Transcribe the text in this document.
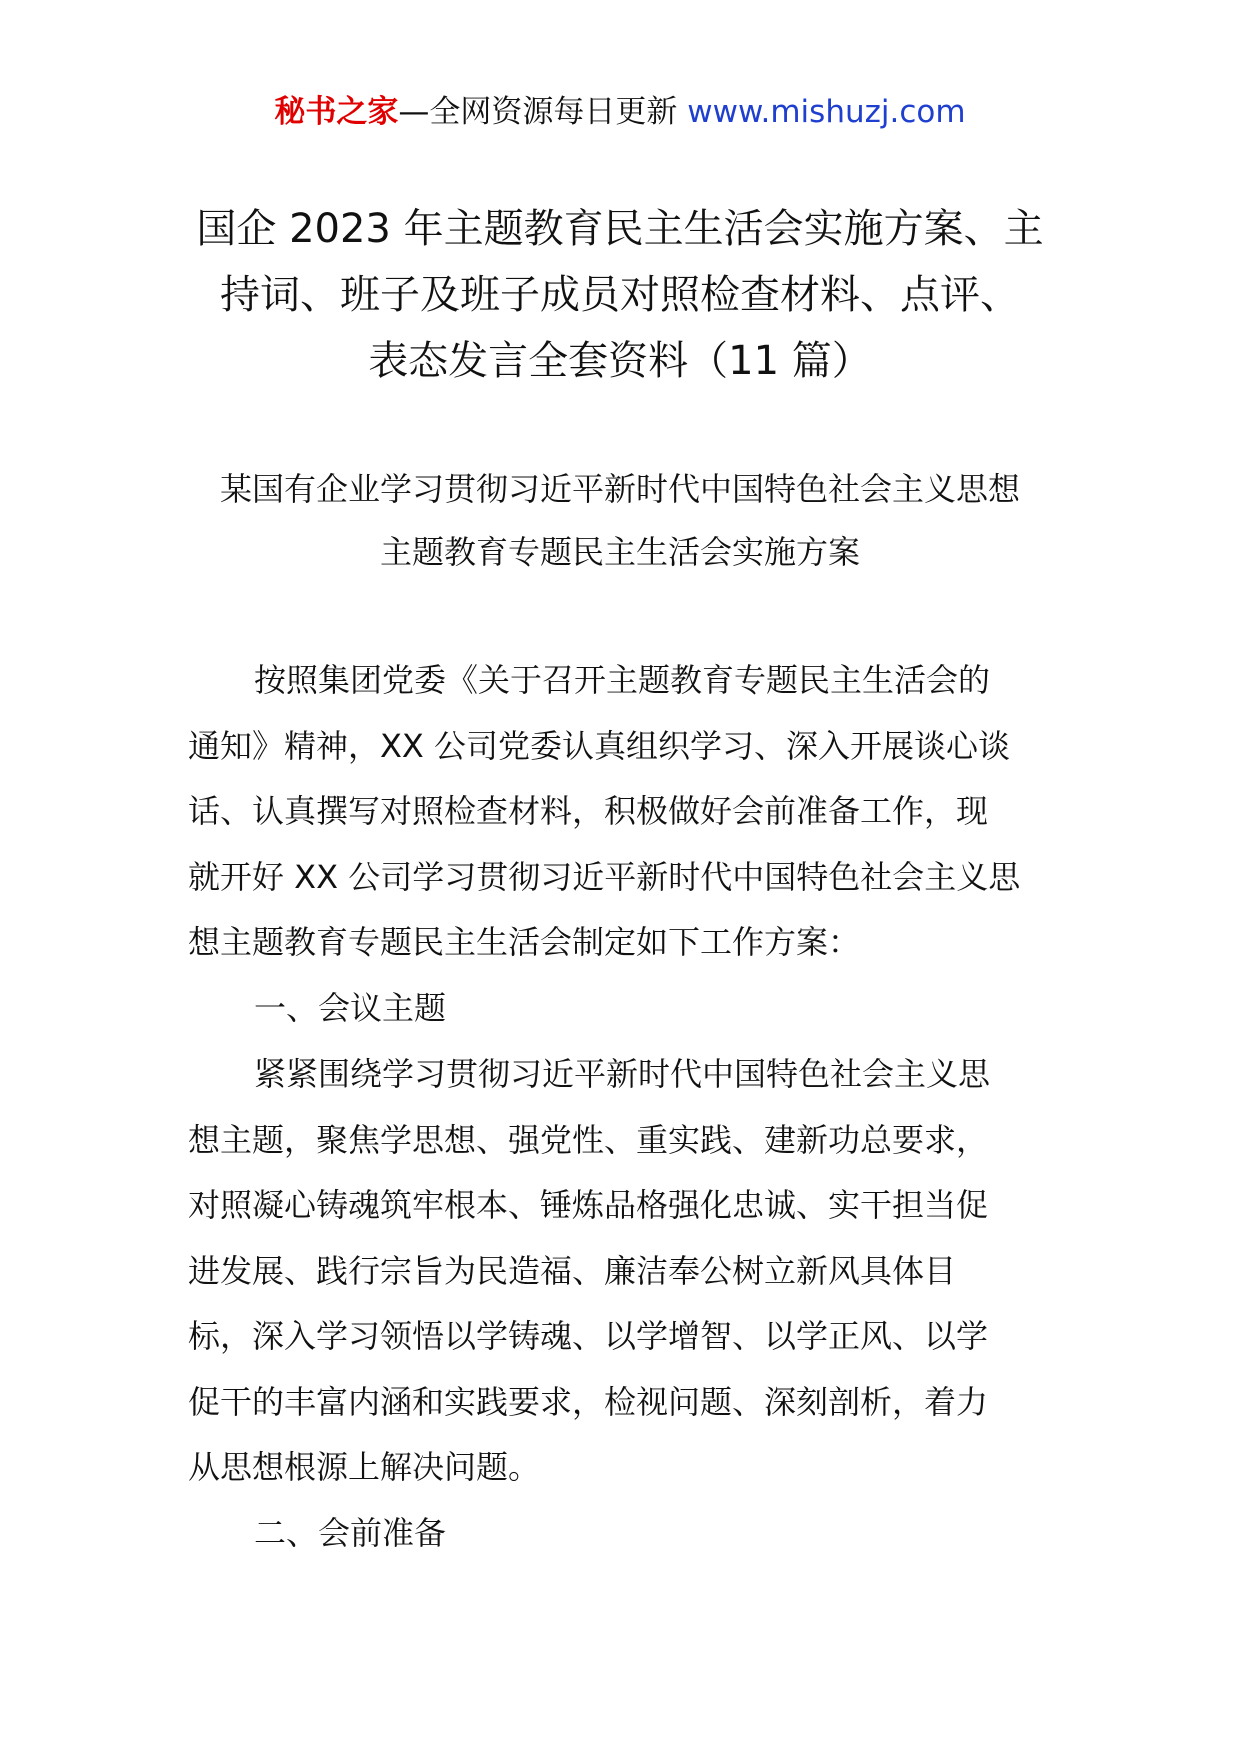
秘书之家—全网资源每日更新 www.mishuzj.com
国企 2023 年主题教育民主生活会实施方案、主
持词、班子及班子成员对照检查材料、点评、
表态发言全套资料（11 篇）
某国有企业学习贯彻习近平新时代中国特色社会主义思想
主题教育专题民主生活会实施方案
按照集团党委《关于召开主题教育专题民主生活会的
通知》精神，XX 公司党委认真组织学习、深入开展谈心谈
话、认真撰写对照检查材料，积极做好会前准备工作，现
就开好 XX 公司学习贯彻习近平新时代中国特色社会主义思
想主题教育专题民主生活会制定如下工作方案：
一、会议主题
紧紧围绕学习贯彻习近平新时代中国特色社会主义思
想主题，聚焦学思想、强党性、重实践、建新功总要求，
对照凝心铸魂筑牢根本、锤炼品格强化忠诚、实干担当促
进发展、践行宗旨为民造福、廉洁奉公树立新风具体目
标，深入学习领悟以学铸魂、以学增智、以学正风、以学
促干的丰富内涵和实践要求，检视问题、深刻剖析，着力
从思想根源上解决问题。
二、会前准备
